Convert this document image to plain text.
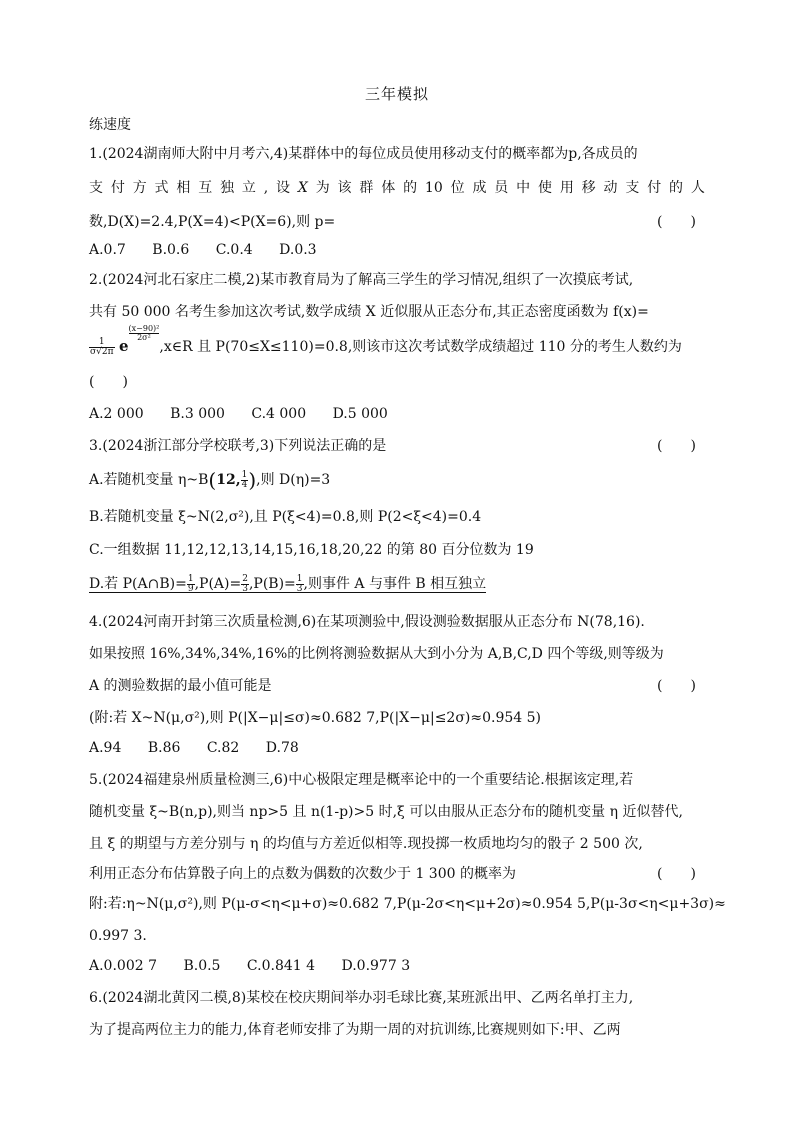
三年模拟
练速度
1.(2024湖南师大附中月考六,4)某群体中的每位成员使用移动支付的概率都为p,各成员的
支 付 方 式 相 互 独 立 , 设 X 为 该 群 体 的 10 位 成 员 中 使 用 移 动 支 付 的 人
数,D(X)=2.4,P(X=4)<P(X=6),则 p=	(　　)
A.0.7 B.0.6 C.0.4 D.0.3
2.(2024河北石家庄二模,2)某市教育局为了解高三学生的学习情况,组织了一次摸底考试,
共有 50 000 名考生参加这次考试,数学成绩 X 近似服从正态分布,其正态密度函数为 f(x)=
$\frac{1}{\sigma√2\pi}$ e
$\frac{\text{(x−90)²}}{\text{2σ²}},x\in R$ 且 P(70≤X≤110)=0.8,则该市这次考试数学成绩超过 110 分的考生人数约为
(　　)
A.2 000 B.3 000 C.4 000 D.5 000
3.(2024浙江部分学校联考,3)下列说法正确的是	(　　)
A.若随机变量 η~B(12, $\frac{1}{4}$ ),则 D(η)=3
B.若随机变量 ξ~N(2,σ²),且 P(ξ<4)=0.8,则 P(2<ξ<4)=0.4
C.一组数据 11,12,12,13,14,15,16,18,20,22 的第 80 百分位数为 19
D.若 P(A∩B)= $\frac{1}{9} ,P(A)= \frac{2}{3} ,P(B)= \frac{1}{3}$ ,则事件 A 与事件 B 相互独立
4.(2024河南开封第三次质量检测,6)在某项测验中,假设测验数据服从正态分布 N(78,16).
如果按照 16%,34%,34%,16%的比例将测验数据从大到小分为 A,B,C,D 四个等级,则等级为
A 的测验数据的最小值可能是	(　　)
(附:若 X~N(μ,σ²),则 P(|X−μ|≤σ)≈0.682 7,P(|X−μ|≤2σ)≈0.954 5)
A.94 B.86 C.82 D.78
5.(2024福建泉州质量检测三,6)中心极限定理是概率论中的一个重要结论.根据该定理,若
随机变量 ξ~B(n,p),则当 np>5 且 n(1-p)>5 时,ξ 可以由服从正态分布的随机变量 η 近似替代,
且 ξ 的期望与方差分别与 η 的均值与方差近似相等.现投掷一枚质地均匀的骰子 2 500 次,
利用正态分布估算骰子向上的点数为偶数的次数少于 1 300 的概率为	(　　)
附:若:η~N(μ,σ²),则 P(μ-σ<η<μ+σ)≈0.682 7,P(μ-2σ<η<μ+2σ)≈0.954 5,P(μ-3σ<η<μ+3σ)≈
0.997 3.
A.0.002 7 B.0.5 C.0.841 4 D.0.977 3
6.(2024湖北黄冈二模,8)某校在校庆期间举办羽毛球比赛,某班派出甲、乙两名单打主力,
为了提高两位主力的能力,体育老师安排了为期一周的对抗训练,比赛规则如下:甲、乙两
